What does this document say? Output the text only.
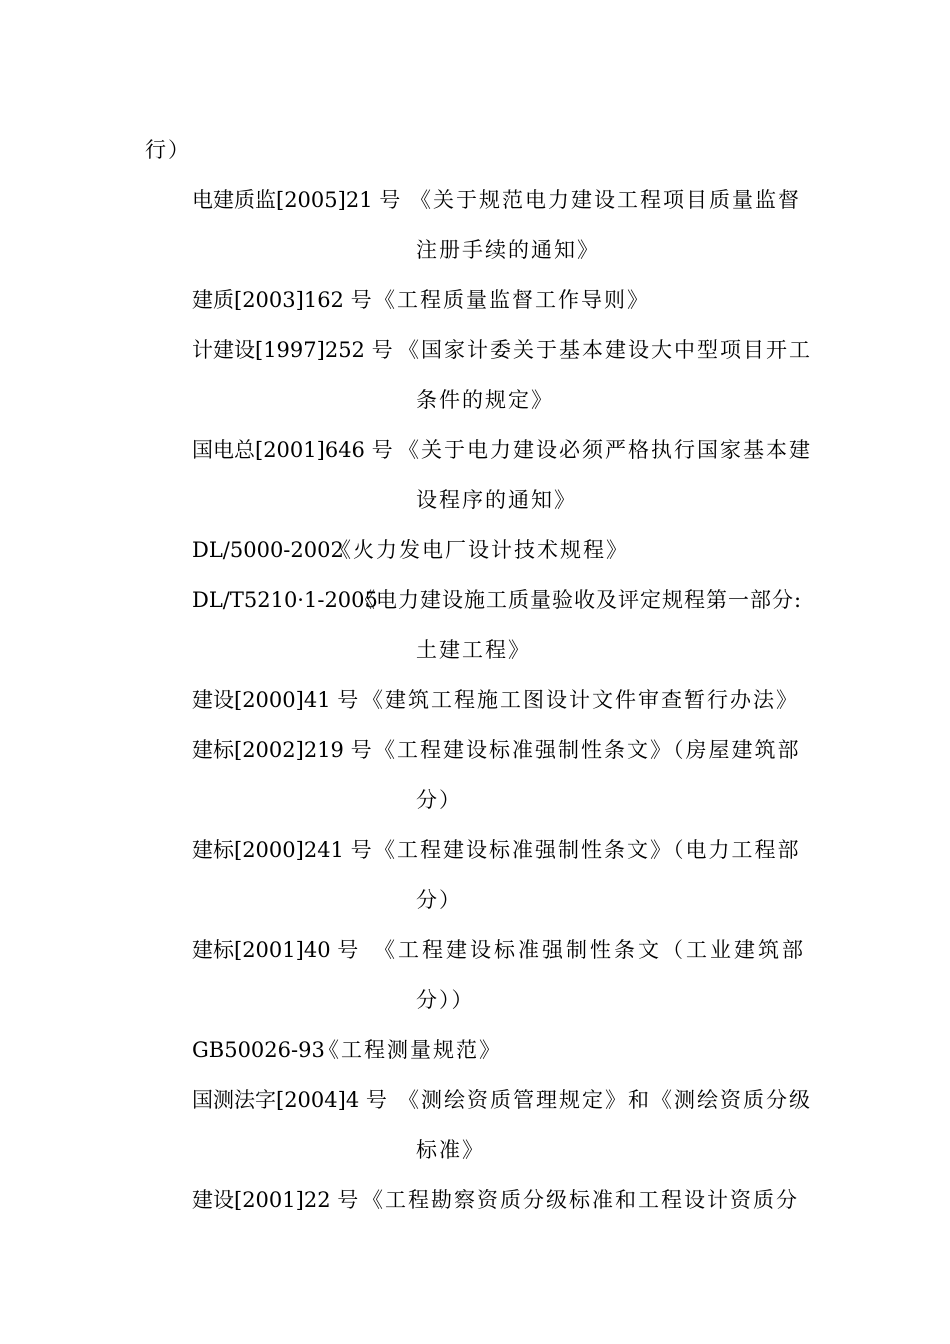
行）
电建质监[2005]21 号 《关于规范电力建设工程项目质量监督
注册手续的通知》
建质[2003]162 号 《工程质量监督工作导则》
计建设[1997]252 号 《国家计委关于基本建设大中型项目开工
条件的规定》
国电总[2001]646 号 《关于电力建设必须严格执行国家基本建
设程序的通知》
DL/5000-2002
《火力发电厂设计技术规程》
DL/T5210·1-2005
《电力建设施工质量验收及评定规程第一部分:
土建工程》
建设[2000]41 号 《建筑工程施工图设计文件审查暂行办法》
建标[2002]219 号 《工程建设标准强制性条文》（房屋建筑部
分）
建标[2000]241 号 《工程建设标准强制性条文》（电力工程部
分）
建标[2001]40 号 《工程建设标准强制性条文（工业建筑部
分））
GB50026-93
《工程测量规范》
国测法字[2004]4 号 《测绘资质管理规定》和《测绘资质分级
标准》
建设[2001]22 号 《工程勘察资质分级标准和工程设计资质分
